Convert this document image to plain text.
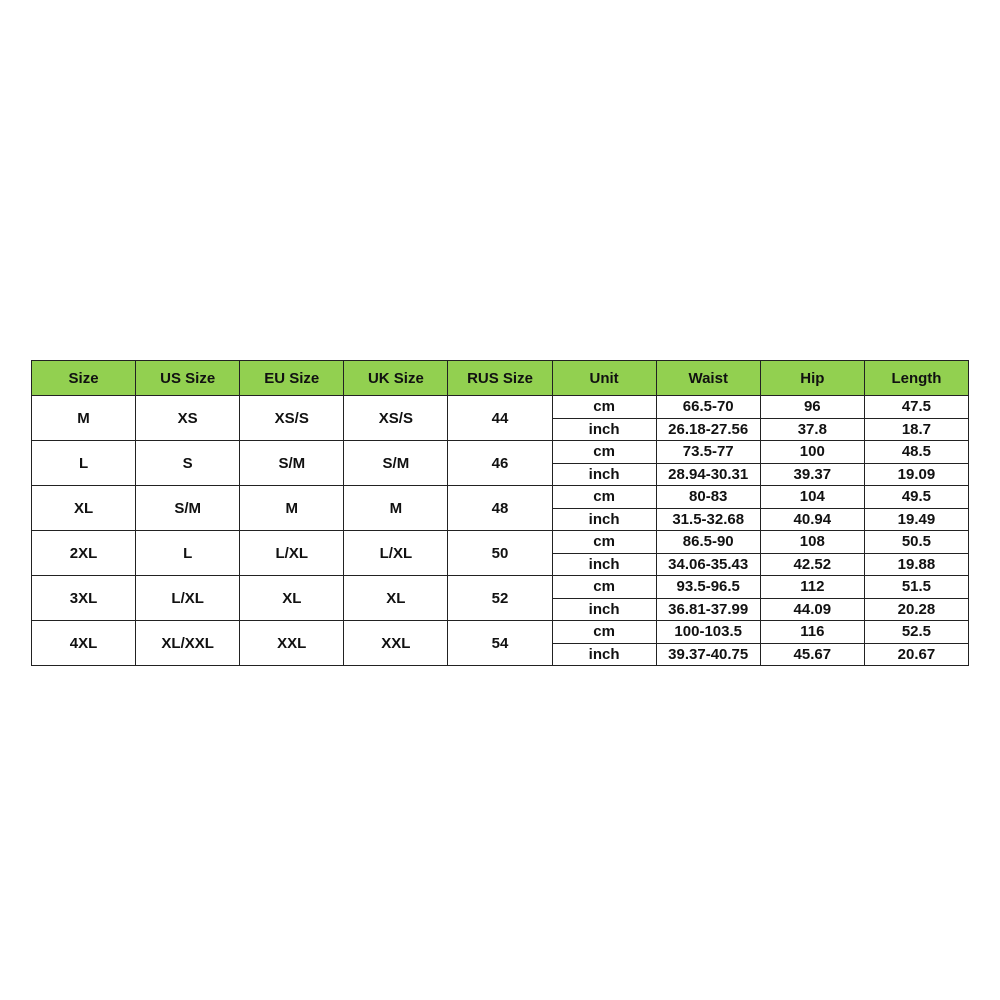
Size	US Size	EU Size	UK Size	RUS Size	Unit	Waist	Hip	Length
M	XS	XS/S	XS/S	44	cm	66.5-70	96	47.5
					inch	26.18-27.56	37.8	18.7
L	S	S/M	S/M	46	cm	73.5-77	100	48.5
					inch	28.94-30.31	39.37	19.09
XL	S/M	M	M	48	cm	80-83	104	49.5
					inch	31.5-32.68	40.94	19.49
2XL	L	L/XL	L/XL	50	cm	86.5-90	108	50.5
					inch	34.06-35.43	42.52	19.88
3XL	L/XL	XL	XL	52	cm	93.5-96.5	112	51.5
					inch	36.81-37.99	44.09	20.28
4XL	XL/XXL	XXL	XXL	54	cm	100-103.5	116	52.5
					inch	39.37-40.75	45.67	20.67
